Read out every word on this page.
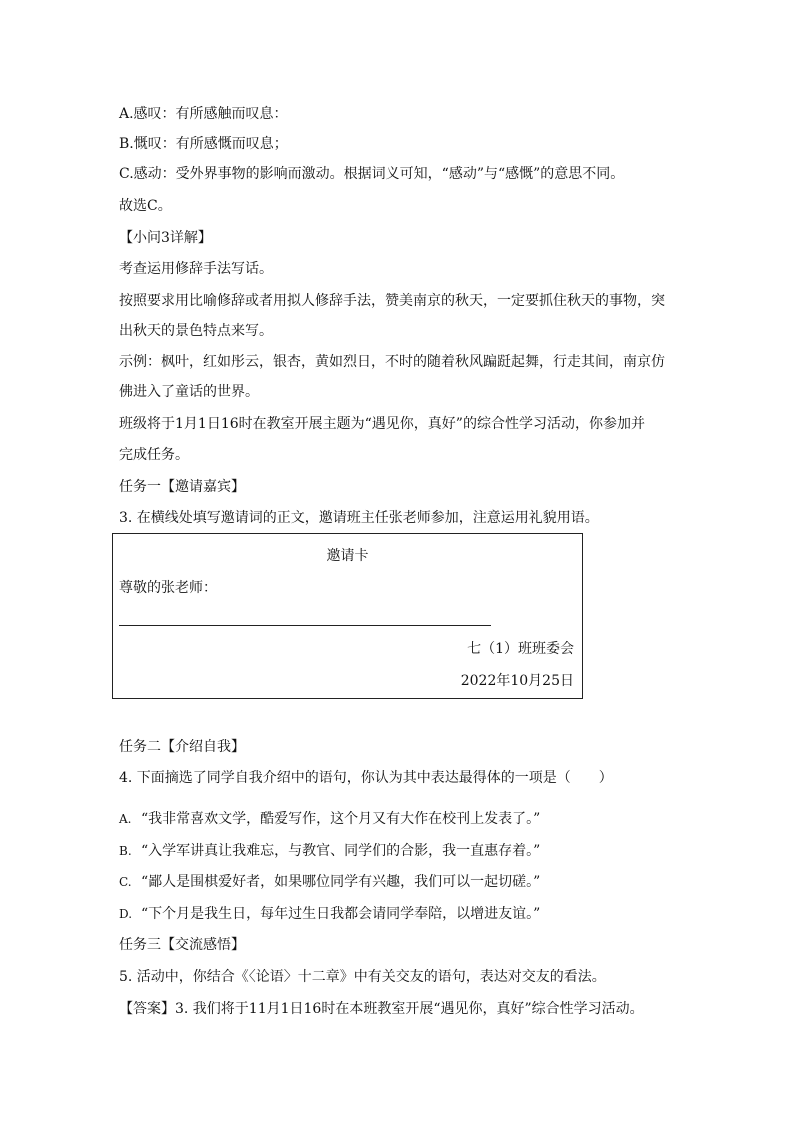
A.感叹：有所感触而叹息：
B.慨叹：有所感慨而叹息；
C.感动：受外界事物的影响而激动。根据词义可知，“感动”与“感慨”的意思不同。
故选C。
【小问3详解】
考查运用修辞手法写话。
按照要求用比喻修辞或者用拟人修辞手法，赞美南京的秋天，一定要抓住秋天的事物，突
出秋天的景色特点来写。
示例：枫叶，红如彤云，银杏，黄如烈日，不时的随着秋风蹁跹起舞，行走其间，南京仿
佛进入了童话的世界。
班级将于1月1日16时在教室开展主题为“遇见你，真好”的综合性学习活动，你参加并
完成任务。
任务一【邀请嘉宾】
3. 在横线处填写邀请词的正文，邀请班主任张老师参加，注意运用礼貌用语。
邀请卡
尊敬的张老师：
七（1）班班委会
2022年10月25日
任务二【介绍自我】
4. 下面摘选了同学自我介绍中的语句，你认为其中表达最得体的一项是（　　）
A. “我非常喜欢文学，酷爱写作，这个月又有大作在校刊上发表了。”
B. “入学军讲真让我难忘，与教官、同学们的合影，我一直惠存着。”
C. “鄙人是围棋爱好者，如果哪位同学有兴趣，我们可以一起切磋。”
D. “下个月是我生日，每年过生日我都会请同学奉陪，以增进友谊。”
任务三【交流感悟】
5. 活动中，你结合《〈论语〉十二章》中有关交友的语句，表达对交友的看法。
【答案】3. 我们将于11月1日16时在本班教室开展“遇见你，真好”综合性学习活动。
